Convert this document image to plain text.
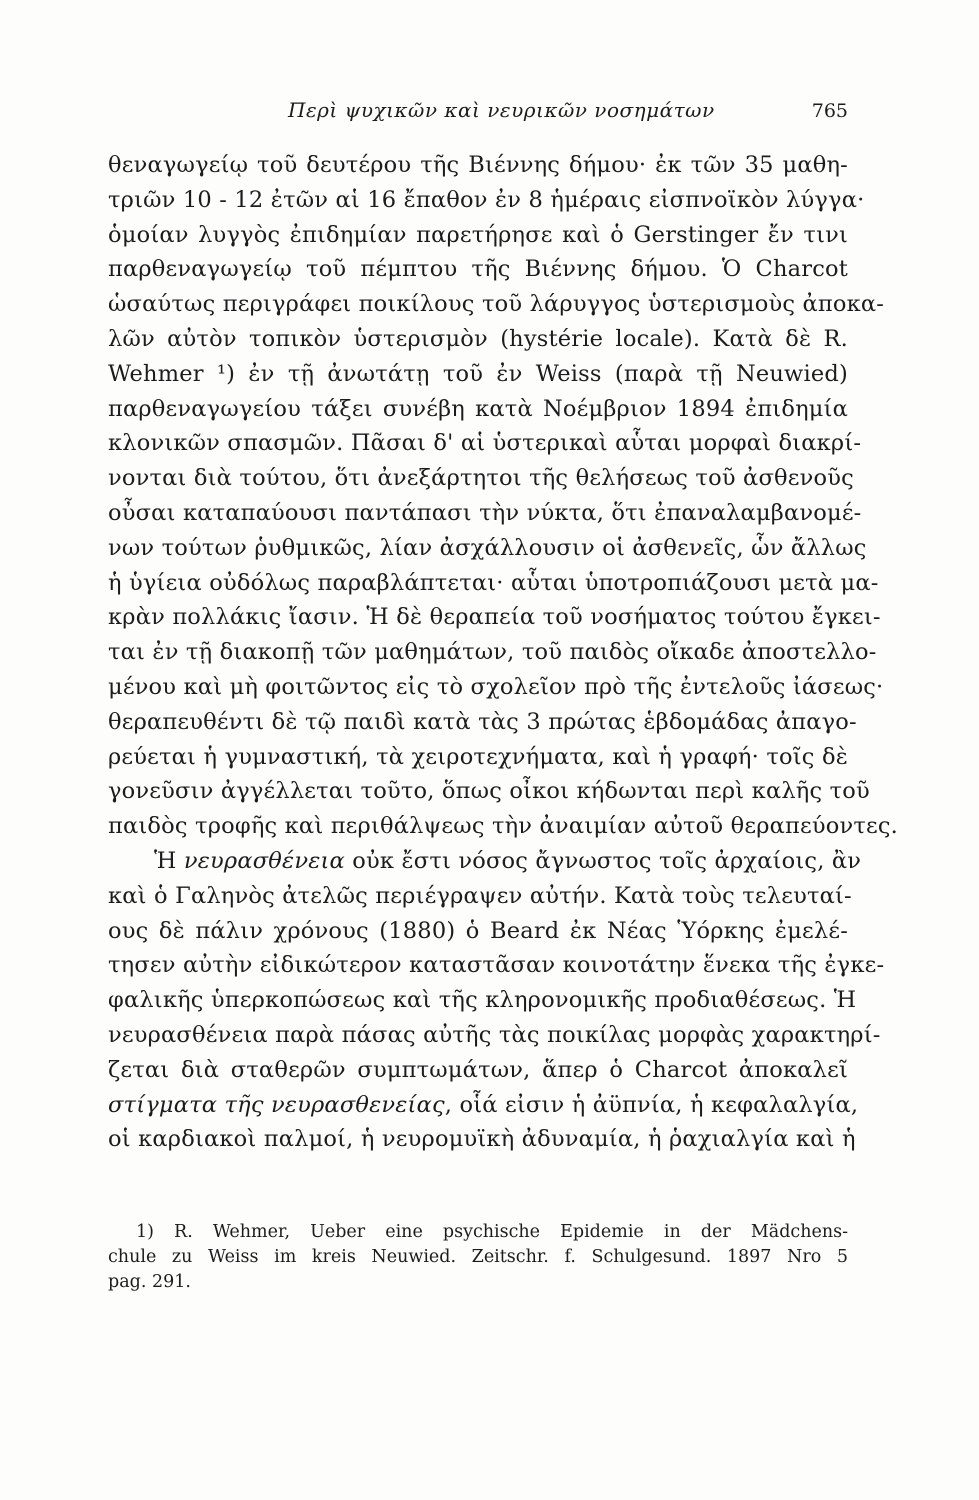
Περὶ ψυχικῶν καὶ νευρικῶν νοσημάτων	765
θεναγωγείῳ τοῦ δευτέρου τῆς Βιέννης δήμου· ἐκ τῶν 35 μαθη-
τριῶν 10 - 12 ἐτῶν αἱ 16 ἔπαθον ἐν 8 ἡμέραις εἰσπνοϊκὸν λύγγα·
ὁμοίαν λυγγὸς ἐπιδημίαν παρετήρησε καὶ ὁ Gerstinger ἔν τινι
παρθεναγωγείῳ τοῦ πέμπτου τῆς Βιέννης δήμου. Ὁ Charcot
ὡσαύτως περιγράφει ποικίλους τοῦ λάρυγγος ὑστερισμοὺς ἀποκα-
λῶν αὐτὸν τοπικὸν ὑστερισμὸν (hystérie locale). Κατὰ δὲ R.
Wehmer ¹) ἐν τῇ ἀνωτάτῃ τοῦ ἐν Weiss (παρὰ τῇ Neuwied)
παρθεναγωγείου τάξει συνέβη κατὰ Νοέμβριον 1894 ἐπιδημία
κλονικῶν σπασμῶν. Πᾶσαι δ' αἱ ὑστερικαὶ αὗται μορφαὶ διακρί-
νονται διὰ τούτου, ὅτι ἀνεξάρτητοι τῆς θελήσεως τοῦ ἀσθενοῦς
οὖσαι καταπαύουσι παντάπασι τὴν νύκτα, ὅτι ἐπαναλαμβανομέ-
νων τούτων ῥυθμικῶς, λίαν ἀσχάλλουσιν οἱ ἀσθενεῖς, ὧν ἄλλως
ἡ ὑγίεια οὐδόλως παραβλάπτεται· αὗται ὑποτροπιάζουσι μετὰ μα-
κρὰν πολλάκις ἴασιν. Ἡ δὲ θεραπεία τοῦ νοσήματος τούτου ἔγκει-
ται ἐν τῇ διακοπῇ τῶν μαθημάτων, τοῦ παιδὸς οἴκαδε ἀποστελλο-
μένου καὶ μὴ φοιτῶντος εἰς τὸ σχολεῖον πρὸ τῆς ἐντελοῦς ἰάσεως·
θεραπευθέντι δὲ τῷ παιδὶ κατὰ τὰς 3 πρώτας ἑβδομάδας ἀπαγο-
ρεύεται ἡ γυμναστική, τὰ χειροτεχνήματα, καὶ ἡ γραφή· τοῖς δὲ
γονεῦσιν ἀγγέλλεται τοῦτο, ὅπως οἶκοι κήδωνται περὶ καλῆς τοῦ
παιδὸς τροφῆς καὶ περιθάλψεως τὴν ἀναιμίαν αὐτοῦ θεραπεύοντες.
Ἡ νευρασθένεια οὐκ ἔστι νόσος ἄγνωστος τοῖς ἀρχαίοις, ἂν
καὶ ὁ Γαληνὸς ἀτελῶς περιέγραψεν αὐτήν. Κατὰ τοὺς τελευταί-
ους δὲ πάλιν χρόνους (1880) ὁ Beard ἐκ Νέας Ὑόρκης ἐμελέ-
τησεν αὐτὴν εἰδικώτερον καταστᾶσαν κοινοτάτην ἕνεκα τῆς ἐγκε-
φαλικῆς ὑπερκοπώσεως καὶ τῆς κληρονομικῆς προδιαθέσεως. Ἡ
νευρασθένεια παρὰ πάσας αὐτῆς τὰς ποικίλας μορφὰς χαρακτηρί-
ζεται διὰ σταθερῶν συμπτωμάτων, ἅπερ ὁ Charcot ἀποκαλεῖ
στίγματα τῆς νευρασθενείας, οἷά εἰσιν ἡ ἀϋπνία, ἡ κεφαλαλγία,
οἱ καρδιακοὶ παλμοί, ἡ νευρομυϊκὴ ἀδυναμία, ἡ ῥαχιαλγία καὶ ἡ
1) R. Wehmer, Ueber eine psychische Epidemie in der Mädchens-
chule zu Weiss im kreis Neuwied. Zeitschr. f. Schulgesund. 1897 Nro 5
pag. 291.
